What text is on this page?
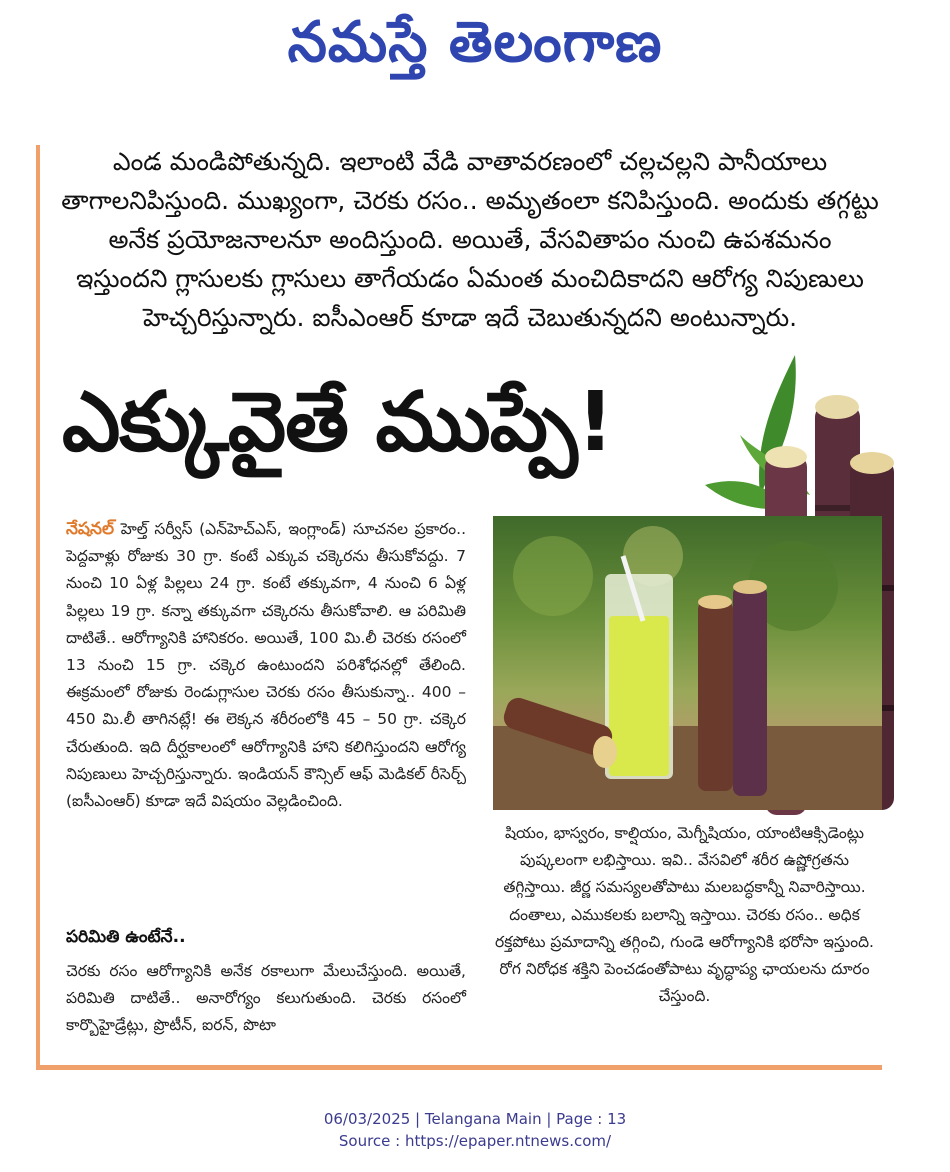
నమస్తే తెలంగాణ
ఎండ మండిపోతున్నది. ఇలాంటి వేడి వాతావరణంలో చల్లచల్లని పానీయాలు తాగాలనిపిస్తుంది. ముఖ్యంగా, చెరకు రసం.. అమృతంలా కనిపిస్తుంది. అందుకు తగ్గట్టు అనేక ప్రయోజనాలనూ అందిస్తుంది. అయితే, వేసవితాపం నుంచి ఉపశమనం ఇస్తుందని గ్లాసులకు గ్లాసులు తాగేయడం ఏమంత మంచిదికాదని ఆరోగ్య నిపుణులు హెచ్చరిస్తున్నారు. ఐసీఎంఆర్ కూడా ఇదే చెబుతున్నదని అంటున్నారు.
ఎక్కువైతే ముప్పే!
నేషనల్ హెల్త్ సర్వీస్ (ఎన్‌హెచ్ఎస్, ఇంగ్లాండ్) సూచనల ప్రకారం.. పెద్దవాళ్లు రోజుకు 30 గ్రా. కంటే ఎక్కువ చక్కెరను తీసుకోవద్దు. 7 నుంచి 10 ఏళ్ల పిల్లలు 24 గ్రా. కంటే తక్కువగా, 4 నుంచి 6 ఏళ్ల పిల్లలు 19 గ్రా. కన్నా తక్కువగా చక్కెరను తీసుకోవాలి. ఆ పరిమితి దాటితే.. ఆరోగ్యానికి హానికరం. అయితే, 100 మి.లీ చెరకు రసంలో 13 నుంచి 15 గ్రా. చక్కెర ఉంటుందని పరిశోధనల్లో తేలింది. ఈక్రమంలో రోజుకు రెండుగ్లాసుల చెరకు రసం తీసుకున్నా.. 400 – 450 మి.లీ తాగినట్లే! ఈ లెక్కన శరీరంలోకి 45 – 50 గ్రా. చక్కెర చేరుతుంది. ఇది దీర్ఘకాలంలో ఆరోగ్యానికి హాని కలిగిస్తుందని ఆరోగ్య నిపుణులు హెచ్చరిస్తున్నారు. ఇండియన్ కౌన్సిల్ ఆఫ్ మెడికల్ రీసెర్చ్ (ఐసీఎంఆర్) కూడా ఇదే విషయం వెల్లడించింది.
పరిమితి ఉంటేనే..
చెరకు రసం ఆరోగ్యానికి అనేక రకాలుగా మేలుచేస్తుంది. అయితే, పరిమితి దాటితే.. అనారోగ్యం కలుగుతుంది. చెరకు రసంలో కార్బొహైడ్రేట్లు, ప్రొటీన్, ఐరన్, పొటా
షియం, భాస్వరం, కాల్షియం, మెగ్నీషియం, యాంటిఆక్సిడెంట్లు పుష్కలంగా లభిస్తాయి. ఇవి.. వేసవిలో శరీర ఉష్ణోగ్రతను తగ్గిస్తాయి. జీర్ణ సమస్యలతోపాటు మలబద్ధకాన్నీ నివారిస్తాయి. దంతాలు, ఎముకలకు బలాన్ని ఇస్తాయి. చెరకు రసం.. అధిక రక్తపోటు ప్రమాదాన్ని తగ్గించి, గుండె ఆరోగ్యానికి భరోసా ఇస్తుంది. రోగ నిరోధక శక్తిని పెంచడంతోపాటు వృద్ధాప్య ఛాయలను దూరం చేస్తుంది.
06/03/2025 | Telangana Main | Page : 13
Source : https://epaper.ntnews.com/
